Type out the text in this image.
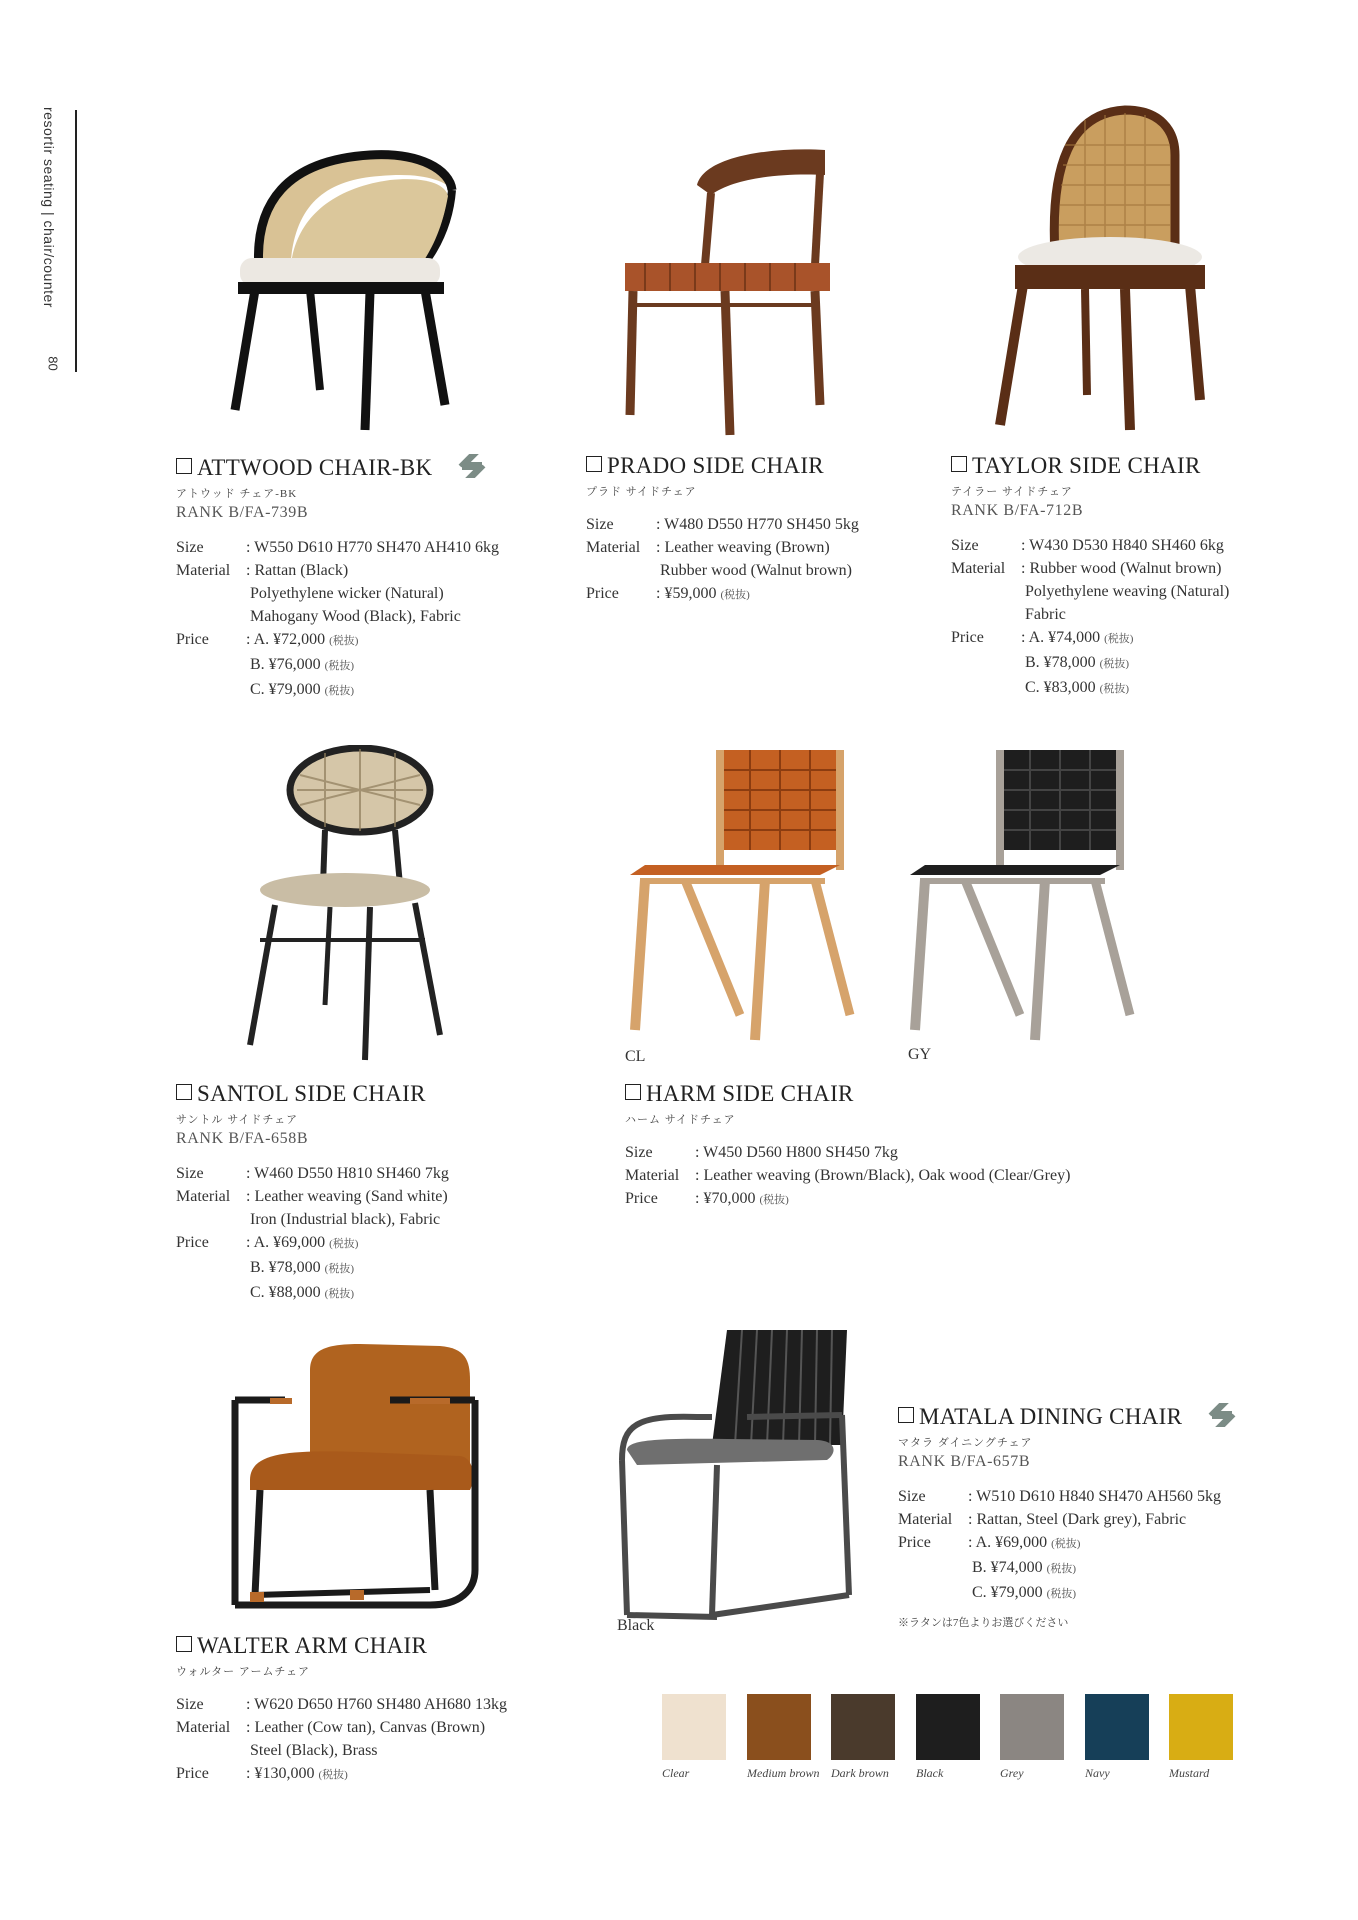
resortir seating | chair/counter
80
ATTWOOD CHAIR-BK
アトウッド チェア-BK
RANK B/FA-739B
Size	: W550 D610 H770 SH470 AH410 6kg
Material : Rattan (Black)
Polyethylene wicker (Natural)
Mahogany Wood (Black), Fabric
Price	: A. ¥72,000 (税抜)
B. ¥76,000 (税抜)
C. ¥79,000 (税抜)
PRADO SIDE CHAIR
プラド サイドチェア
Size	: W480 D550 H770 SH450 5kg
Material : Leather weaving (Brown)
Rubber wood (Walnut brown)
Price	: ¥59,000 (税抜)
TAYLOR SIDE CHAIR
テイラー サイドチェア
RANK B/FA-712B
Size	: W430 D530 H840 SH460 6kg
Material : Rubber wood (Walnut brown)
Polyethylene weaving (Natural)
Fabric
Price	: A. ¥74,000 (税抜)
B. ¥78,000 (税抜)
C. ¥83,000 (税抜)
CL	GY
SANTOL SIDE CHAIR
サントル サイドチェア
RANK B/FA-658B
Size	: W460 D550 H810 SH460 7kg
Material : Leather weaving (Sand white)
Iron (Industrial black), Fabric
Price	: A. ¥69,000 (税抜)
B. ¥78,000 (税抜)
C. ¥88,000 (税抜)
HARM SIDE CHAIR
ハーム サイドチェア
Size	: W450 D560 H800 SH450 7kg
Material : Leather weaving (Brown/Black), Oak wood (Clear/Grey)
Price	: ¥70,000 (税抜)
Black
MATALA DINING CHAIR
マタラ ダイニングチェア
RANK B/FA-657B
Size	: W510 D610 H840 SH470 AH560 5kg
Material : Rattan, Steel (Dark grey), Fabric
Price	: A. ¥69,000 (税抜)
B. ¥74,000 (税抜)
C. ¥79,000 (税抜)
※ラタンは7色よりお選びください
WALTER ARM CHAIR
ウォルター アームチェア
Size	: W620 D650 H760 SH480 AH680 13kg
Material : Leather (Cow tan), Canvas (Brown)
Steel (Black), Brass
Price	: ¥130,000 (税抜)	Clear	Medium brown Dark brown	Black	Grey	Navy	Mustard
